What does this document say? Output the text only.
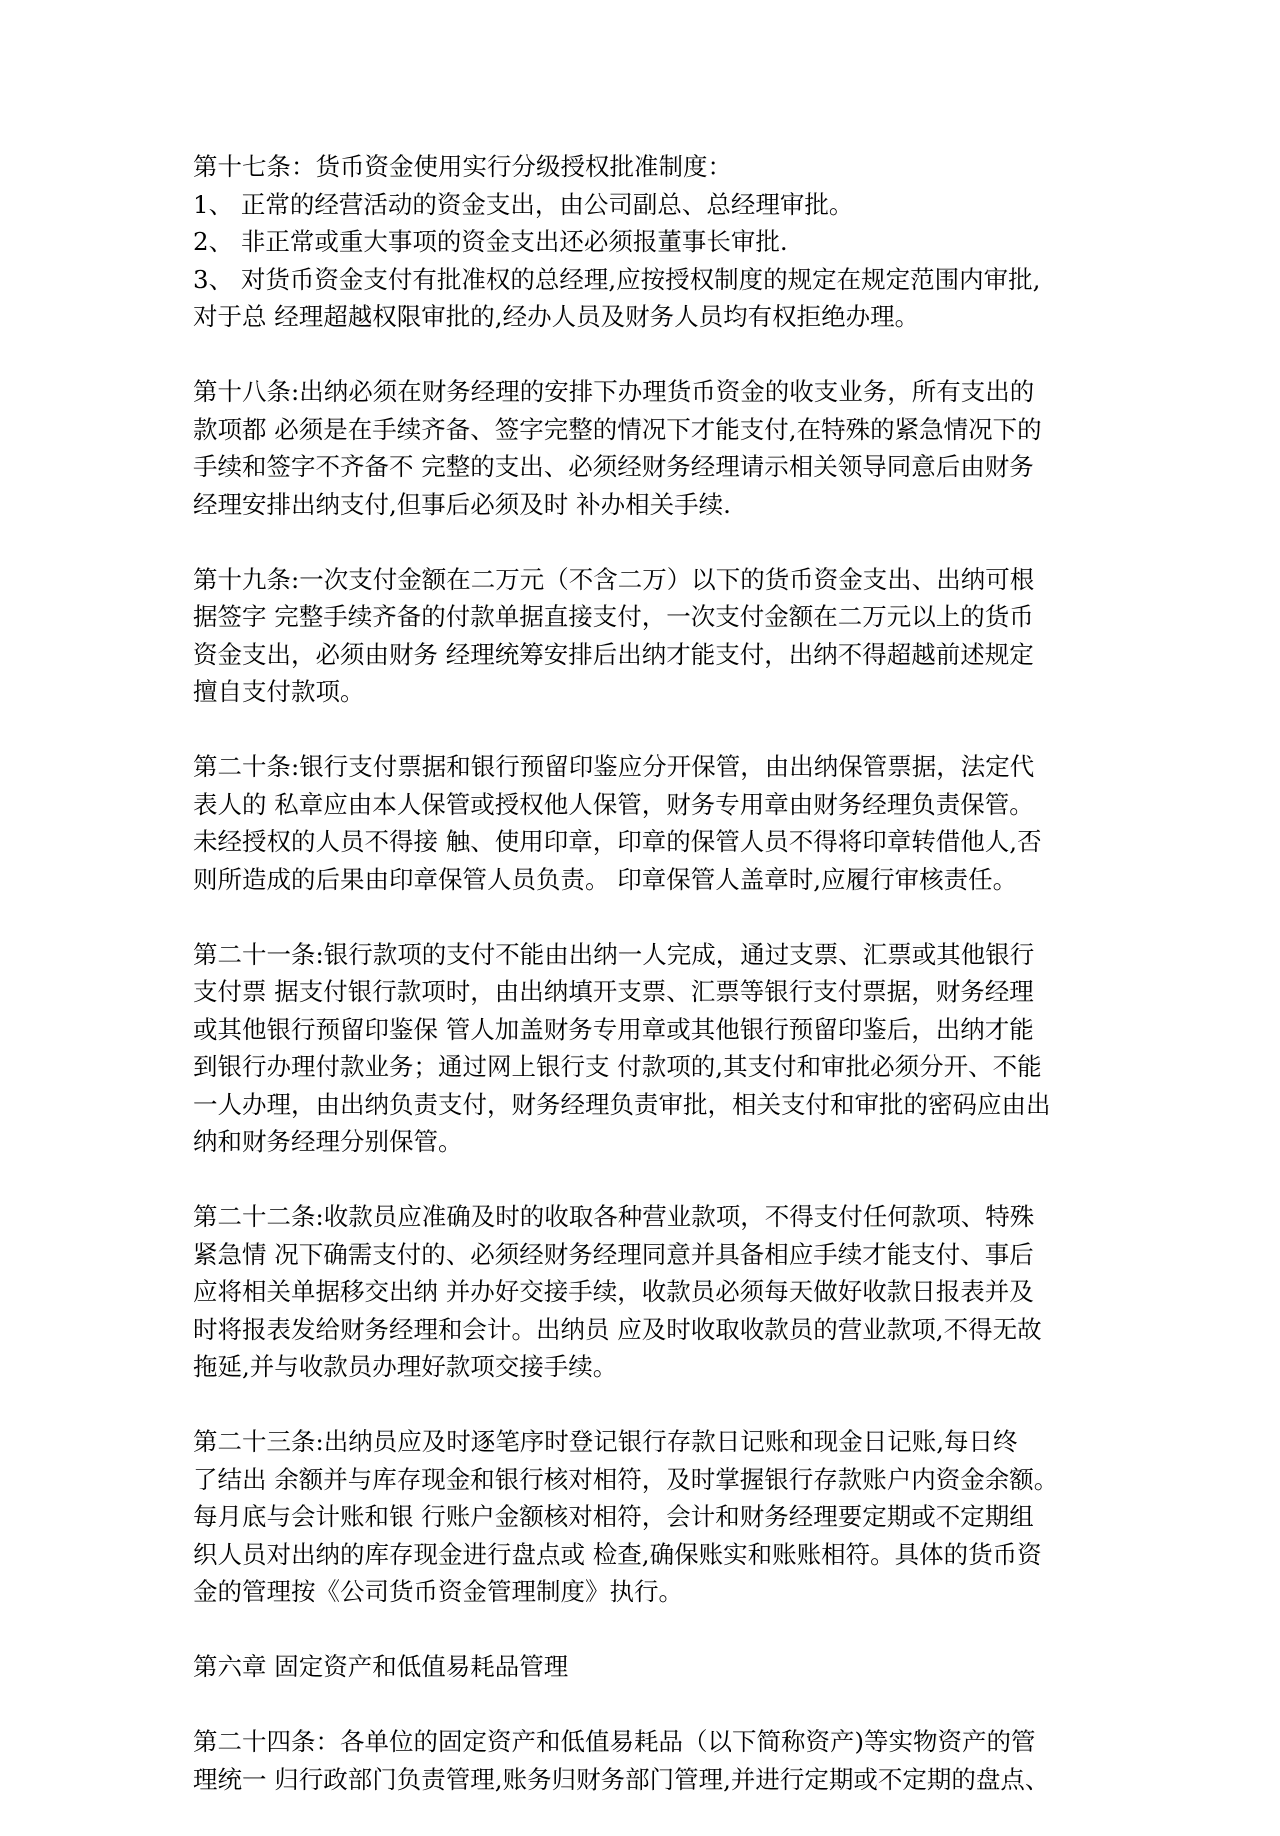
第十七条：货币资金使用实行分级授权批准制度：
1、 正常的经营活动的资金支出，由公司副总、总经理审批。
2、 非正常或重大事项的资金支出还必须报董事长审批.
3、 对货币资金支付有批准权的总经理,应按授权制度的规定在规定范围内审批,
对于总 经理超越权限审批的,经办人员及财务人员均有权拒绝办理。
第十八条:出纳必须在财务经理的安排下办理货币资金的收支业务，所有支出的
款项都 必须是在手续齐备、签字完整的情况下才能支付,在特殊的紧急情况下的
手续和签字不齐备不 完整的支出、必须经财务经理请示相关领导同意后由财务
经理安排出纳支付,但事后必须及时 补办相关手续.
第十九条:一次支付金额在二万元（不含二万）以下的货币资金支出、出纳可根
据签字 完整手续齐备的付款单据直接支付，一次支付金额在二万元以上的货币
资金支出，必须由财务 经理统筹安排后出纳才能支付，出纳不得超越前述规定
擅自支付款项。
第二十条:银行支付票据和银行预留印鉴应分开保管，由出纳保管票据，法定代
表人的 私章应由本人保管或授权他人保管，财务专用章由财务经理负责保管。
未经授权的人员不得接 触、使用印章，印章的保管人员不得将印章转借他人,否
则所造成的后果由印章保管人员负责。 印章保管人盖章时,应履行审核责任。
第二十一条:银行款项的支付不能由出纳一人完成，通过支票、汇票或其他银行
支付票 据支付银行款项时，由出纳填开支票、汇票等银行支付票据，财务经理
或其他银行预留印鉴保 管人加盖财务专用章或其他银行预留印鉴后，出纳才能
到银行办理付款业务；通过网上银行支 付款项的,其支付和审批必须分开、不能
一人办理，由出纳负责支付，财务经理负责审批，相关支付和审批的密码应由出
纳和财务经理分别保管。
第二十二条:收款员应准确及时的收取各种营业款项，不得支付任何款项、特殊
紧急情 况下确需支付的、必须经财务经理同意并具备相应手续才能支付、事后
应将相关单据移交出纳 并办好交接手续，收款员必须每天做好收款日报表并及
时将报表发给财务经理和会计。出纳员 应及时收取收款员的营业款项,不得无故
拖延,并与收款员办理好款项交接手续。
第二十三条:出纳员应及时逐笔序时登记银行存款日记账和现金日记账,每日终
了结出 余额并与库存现金和银行核对相符，及时掌握银行存款账户内资金余额。
每月底与会计账和银 行账户金额核对相符，会计和财务经理要定期或不定期组
织人员对出纳的库存现金进行盘点或 检查,确保账实和账账相符。具体的货币资
金的管理按《公司货币资金管理制度》执行。
第六章 固定资产和低值易耗品管理
第二十四条：各单位的固定资产和低值易耗品（以下简称资产)等实物资产的管
理统一 归行政部门负责管理,账务归财务部门管理,并进行定期或不定期的盘点、
